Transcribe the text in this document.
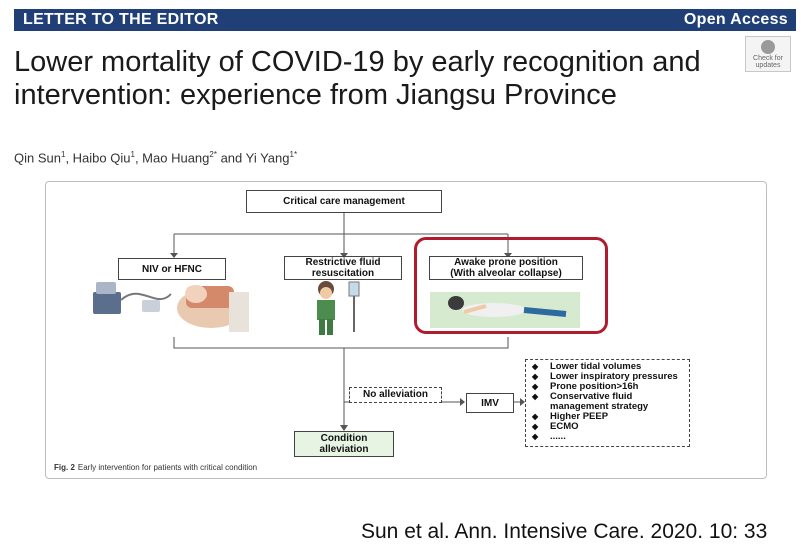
LETTER TO THE EDITOR	Open Access
Check for
updates
Lower mortality of COVID-19 by early recognition and intervention: experience from Jiangsu Province
Qin Sun$^1$, Haibo Qiu$^1$, Mao Huang$^{2*}$ and Yi Yang$^{1*}$
Critical care management
NIV or HFNC
Restrictive fluid
resuscitation
Awake prone position
(With alveolar collapse)
No alleviation
IMV
◆ Lower tidal volumes
◆ Lower inspiratory pressures
◆ Prone position>16h
◆ Conservative fluid management strategy
◆ Higher PEEP
◆ ECMO
◆ ......
Condition
alleviation
Fig. 2 Early intervention for patients with critical condition
Sun et al. Ann. Intensive Care. 2020. 10: 33
